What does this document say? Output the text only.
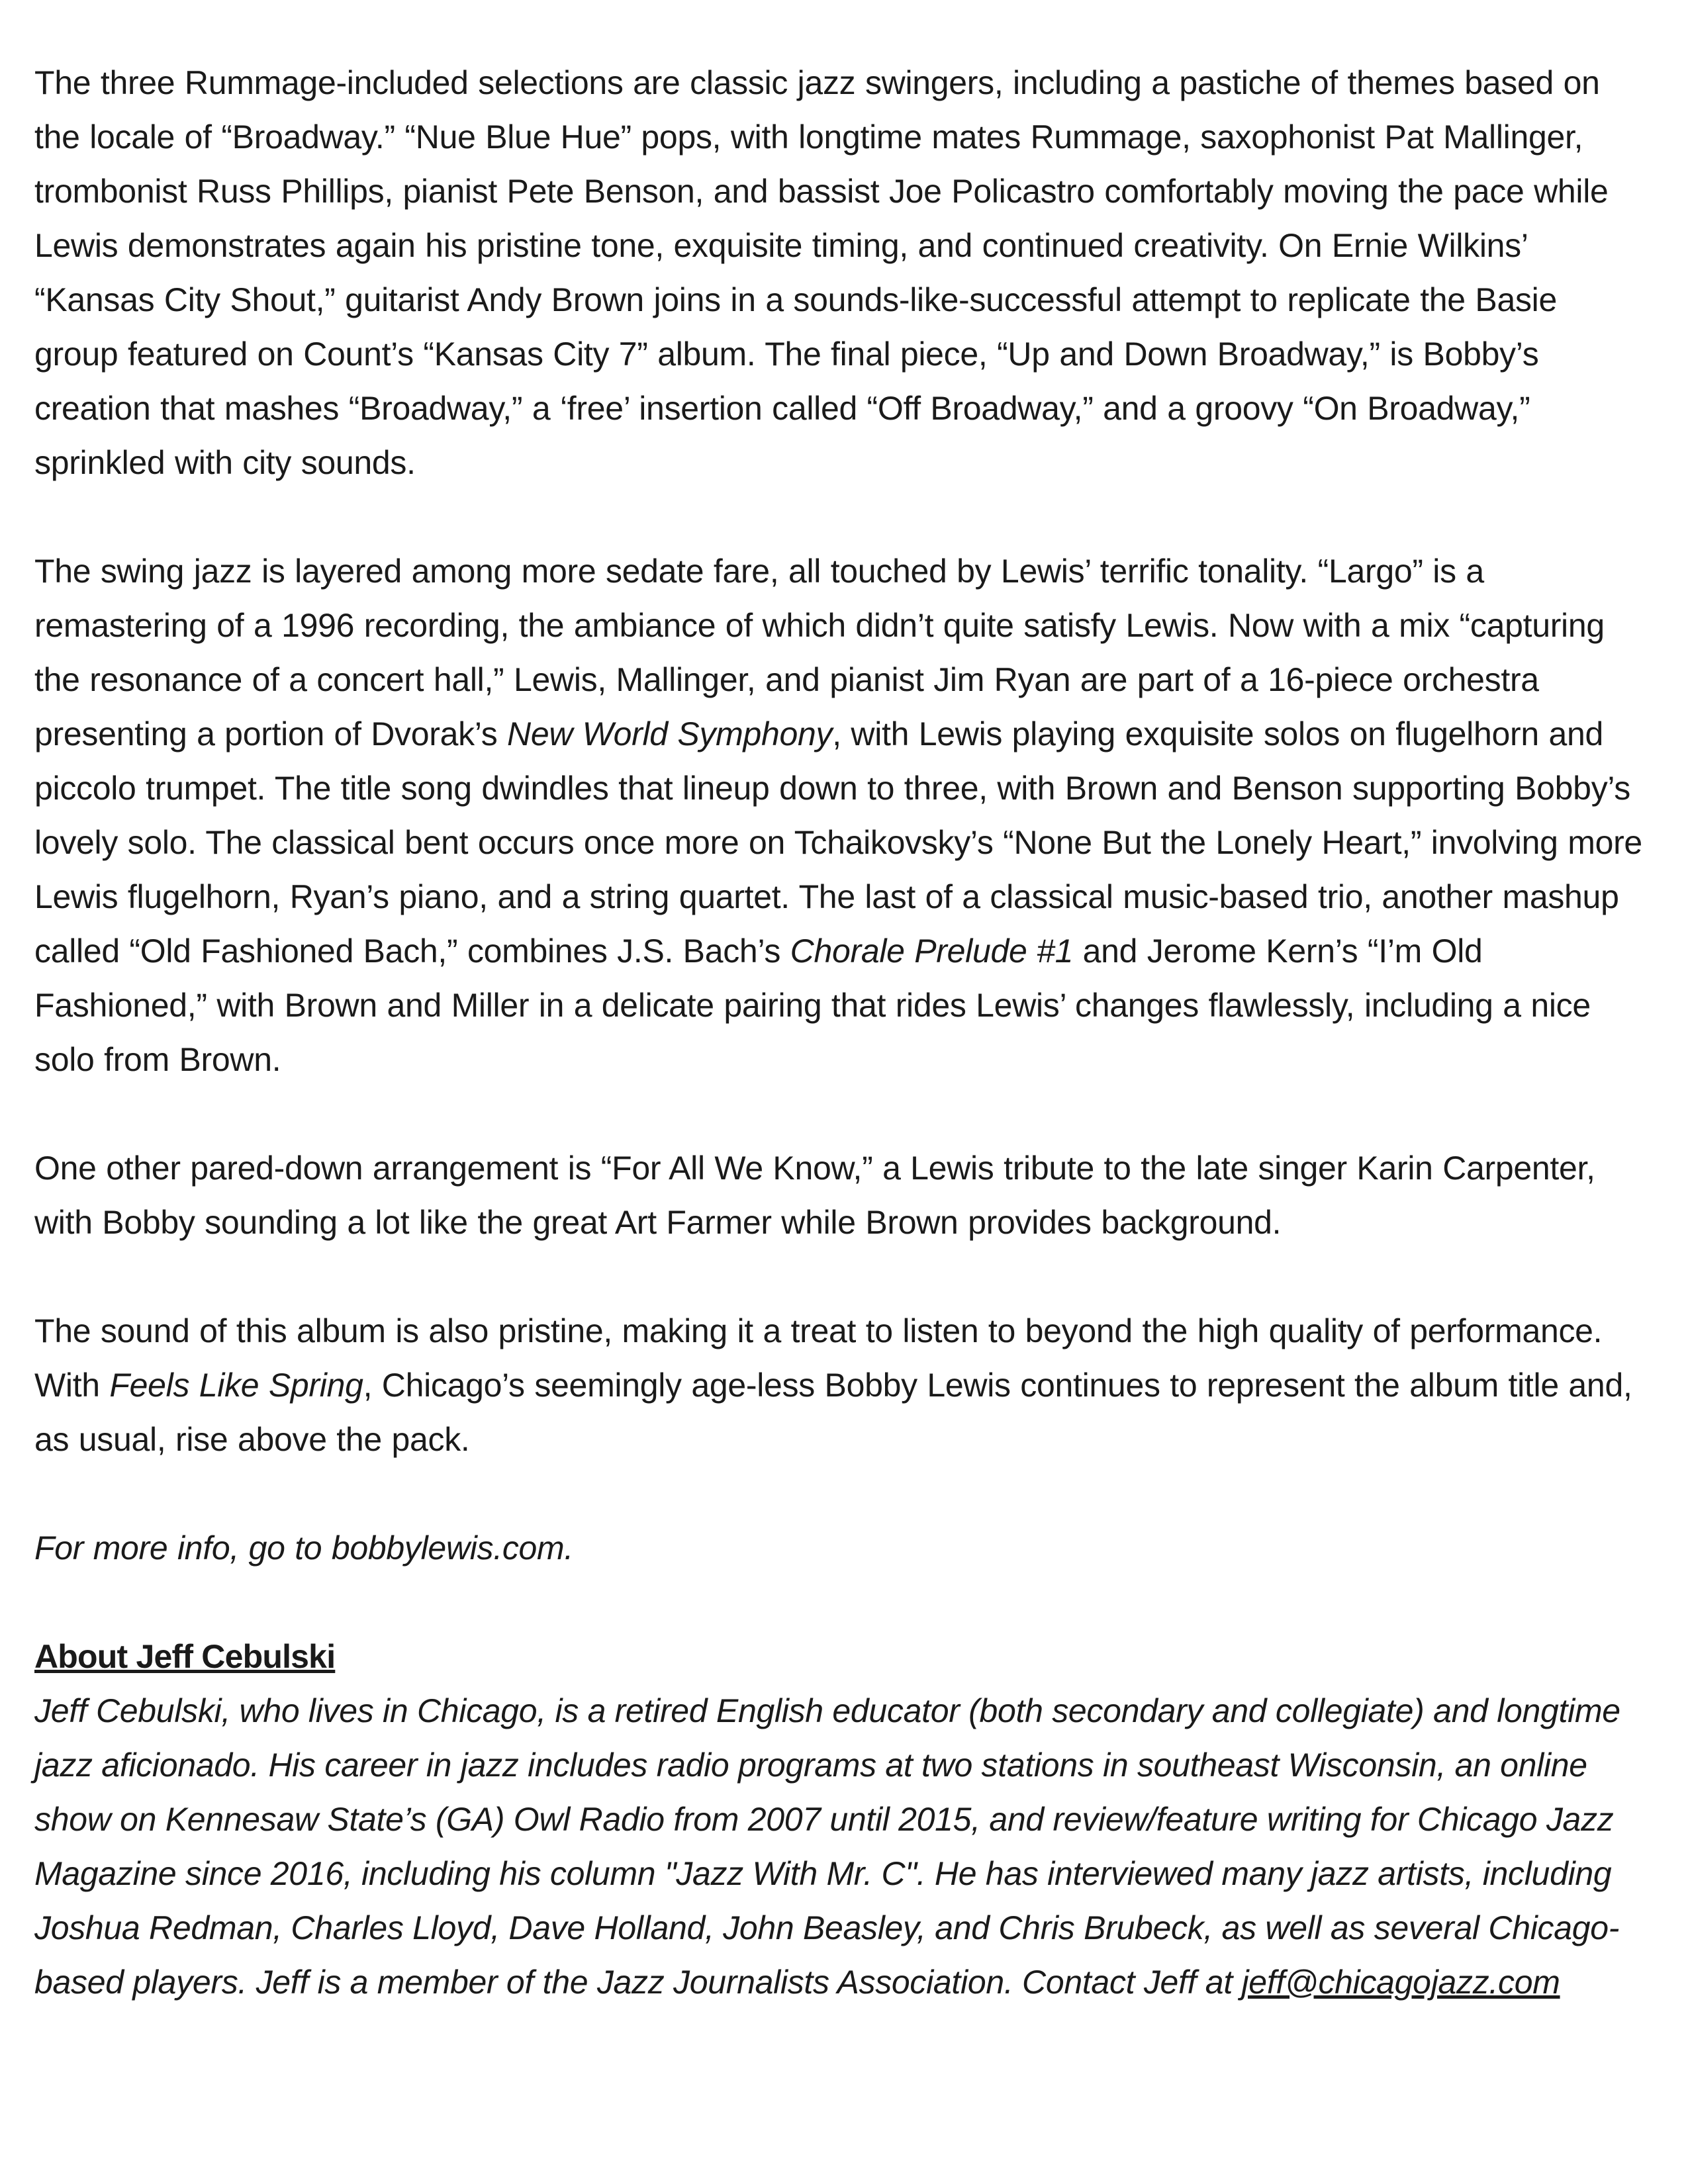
The three Rummage-included selections are classic jazz swingers, including a pastiche of themes based on the locale of “Broadway.” “Nue Blue Hue” pops, with longtime mates Rummage, saxophonist Pat Mallinger, trombonist Russ Phillips, pianist Pete Benson, and bassist Joe Policastro comfortably moving the pace while Lewis demonstrates again his pristine tone, exquisite timing, and continued creativity. On Ernie Wilkins’ “Kansas City Shout,” guitarist Andy Brown joins in a sounds-like-successful attempt to replicate the Basie group featured on Count’s “Kansas City 7” album. The final piece, “Up and Down Broadway,” is Bobby’s creation that mashes “Broadway,” a ‘free’ insertion called “Off Broadway,” and a groovy “On Broadway,” sprinkled with city sounds.

The swing jazz is layered among more sedate fare, all touched by Lewis’ terrific tonality. “Largo” is a remastering of a 1996 recording, the ambiance of which didn’t quite satisfy Lewis. Now with a mix “capturing the resonance of a concert hall,” Lewis, Mallinger, and pianist Jim Ryan are part of a 16-piece orchestra presenting a portion of Dvorak’s New World Symphony, with Lewis playing exquisite solos on flugelhorn and piccolo trumpet. The title song dwindles that lineup down to three, with Brown and Benson supporting Bobby’s lovely solo. The classical bent occurs once more on Tchaikovsky’s “None But the Lonely Heart,” involving more Lewis flugelhorn, Ryan’s piano, and a string quartet. The last of a classical music-based trio, another mashup called “Old Fashioned Bach,” combines J.S. Bach’s Chorale Prelude #1 and Jerome Kern’s “I’m Old Fashioned,” with Brown and Miller in a delicate pairing that rides Lewis’ changes flawlessly, including a nice solo from Brown.

One other pared-down arrangement is “For All We Know,” a Lewis tribute to the late singer Karin Carpenter, with Bobby sounding a lot like the great Art Farmer while Brown provides background.

The sound of this album is also pristine, making it a treat to listen to beyond the high quality of performance. With Feels Like Spring, Chicago’s seemingly age-less Bobby Lewis continues to represent the album title and, as usual, rise above the pack.

For more info, go to bobbylewis.com.

About Jeff Cebulski

Jeff Cebulski, who lives in Chicago, is a retired English educator (both secondary and collegiate) and longtime jazz aficionado. His career in jazz includes radio programs at two stations in southeast Wisconsin, an online show on Kennesaw State’s (GA) Owl Radio from 2007 until 2015, and review/feature writing for Chicago Jazz Magazine since 2016, including his column "Jazz With Mr. C". He has interviewed many jazz artists, including Joshua Redman, Charles Lloyd, Dave Holland, John Beasley, and Chris Brubeck, as well as several Chicago-based players. Jeff is a member of the Jazz Journalists Association. Contact Jeff at jeff@chicagojazz.com
